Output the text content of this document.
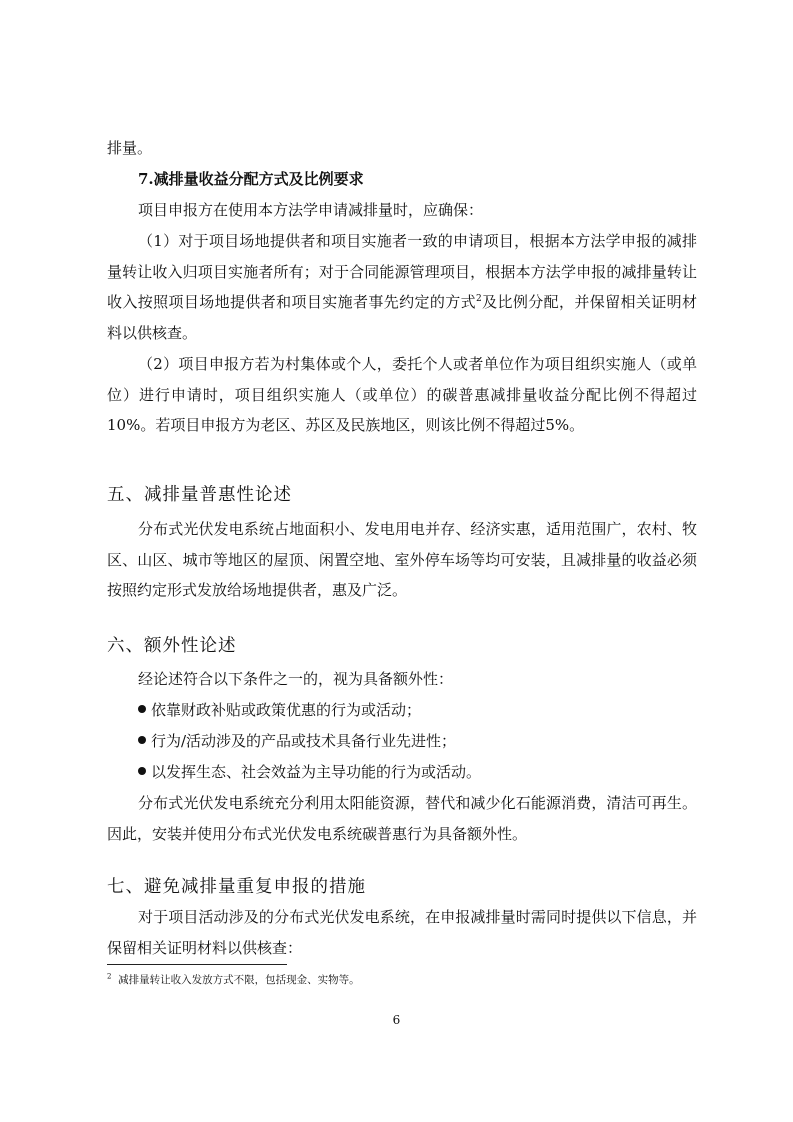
排量。

7.减排量收益分配方式及比例要求

项目申报方在使用本方法学申请减排量时，应确保：

（1）对于项目场地提供者和项目实施者一致的申请项目，根据本方法学申报的减排量转让收入归项目实施者所有；对于合同能源管理项目，根据本方法学申报的减排量转让收入按照项目场地提供者和项目实施者事先约定的方式$^2$及比例分配，并保留相关证明材料以供核查。

（2）项目申报方若为村集体或个人，委托个人或者单位作为项目组织实施人（或单位）进行申请时，项目组织实施人（或单位）的碳普惠减排量收益分配比例不得超过10%。若项目申报方为老区、苏区及民族地区，则该比例不得超过5%。

五、减排量普惠性论述

分布式光伏发电系统占地面积小、发电用电并存、经济实惠，适用范围广，农村、牧区、山区、城市等地区的屋顶、闲置空地、室外停车场等均可安装，且减排量的收益必须按照约定形式发放给场地提供者，惠及广泛。

六、额外性论述

经论述符合以下条件之一的，视为具备额外性：

依靠财政补贴或政策优惠的行为或活动；

行为/活动涉及的产品或技术具备行业先进性；

以发挥生态、社会效益为主导功能的行为或活动。

分布式光伏发电系统充分利用太阳能资源，替代和减少化石能源消费，清洁可再生。因此，安装并使用分布式光伏发电系统碳普惠行为具备额外性。

七、避免减排量重复申报的措施

对于项目活动涉及的分布式光伏发电系统，在申报减排量时需同时提供以下信息，并保留相关证明材料以供核查：

$^2$ 减排量转让收入发放方式不限，包括现金、实物等。

6
